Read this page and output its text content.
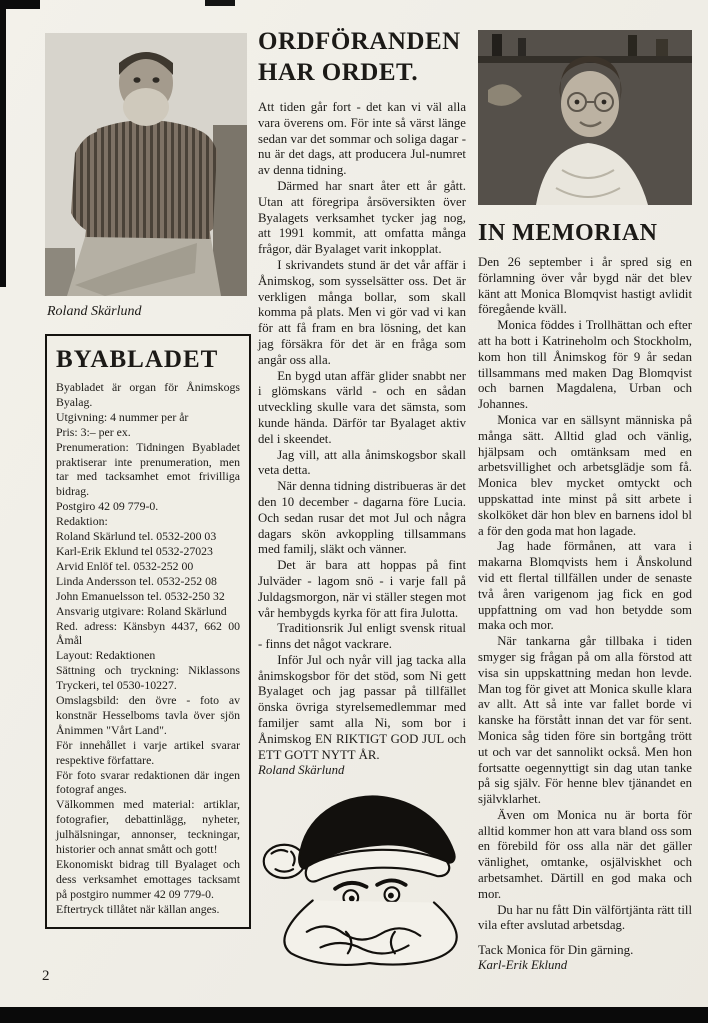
Roland Skärlund
BYABLADET

Byabladet är organ för Ånimskogs Byalag.

Utgivning: 4 nummer per år

Pris: 3:– per ex.

Prenumeration: Tidningen Byabladet praktiserar inte prenumeration, men tar med tacksamhet emot frivilliga bidrag.

Postgiro 42 09 779-0.

Redaktion:

Roland Skärlund tel. 0532-200 03

Karl-Erik Eklund tel 0532-27023

Arvid Enlöf tel. 0532-252 00

Linda Andersson tel. 0532-252 08

John Emanuelsson tel. 0532-250 32

Ansvarig utgivare: Roland Skärlund

Red. adress: Känsbyn 4437, 662 00 Åmål

Layout: Redaktionen

Sättning och tryckning: Niklassons Tryckeri, tel 0530-10227.

Omslagsbild: den övre - foto av konstnär Hesselboms tavla över sjön Ånimmen "Vårt Land".

För innehållet i varje artikel svarar respektive författare.

För foto svarar redaktionen där ingen fotograf anges.

Välkommen med material: artiklar, fotografier, debattinlägg, nyheter, julhälsningar, annonser, teckningar, historier och annat smått och gott!

Ekonomiskt bidrag till Byalaget och dess verksamhet emottages tacksamt på postgiro nummer 42 09 779-0.

Eftertryck tillåtet när källan anges.

ORDFÖRANDEN
HAR ORDET.

Att tiden går fort - det kan vi väl alla vara överens om. För inte så värst länge sedan var det sommar och soliga dagar - nu är det dags, att producera Jul-numret av denna tidning.

Därmed har snart åter ett år gått. Utan att föregripa årsöversikten över Byalagets verksamhet tycker jag nog, att 1991 kommit, att omfatta många frågor, där Byalaget varit inkopplat.

I skrivandets stund är det vår affär i Ånimskog, som sysselsätter oss. Det är verkligen många bollar, som skall komma på plats. Men vi gör vad vi kan för att få fram en bra lösning, det kan jag försäkra för det är en fråga som angår oss alla.

En bygd utan affär glider snabbt ner i glömskans värld - och en sådan utveckling skulle vara det sämsta, som kunde hända. Därför tar Byalaget aktiv del i skeendet.

Jag vill, att alla ånimskogsbor skall veta detta.

När denna tidning distribueras är det den 10 december - dagarna före Lucia. Och sedan rusar det mot Jul och några dagars skön avkoppling tillsammans med familj, släkt och vänner.

Det är bara att hoppas på fint Julväder - lagom snö - i varje fall på Juldagsmorgon, när vi ställer stegen mot vår hembygds kyrka för att fira Julotta.

Traditionsrik Jul enligt svensk ritual - finns det något vackrare.

Inför Jul och nyår vill jag tacka alla ånimskogsbor för det stöd, som Ni gett Byalaget och jag passar på tillfället önska övriga styrelsemedlemmar med familjer samt alla Ni, som bor i Ånimskog EN RIKTIGT GOD JUL och ETT GOTT NYTT ÅR.

Roland Skärlund

IN MEMORIAN

Den 26 september i år spred sig en förlamning över vår bygd när det blev känt att Monica Blomqvist hastigt avlidit föregående kväll.

Monica föddes i Trollhättan och efter att ha bott i Katrineholm och Stockholm, kom hon till Ånimskog för 9 år sedan tillsammans med maken Dag Blomqvist och barnen Magdalena, Urban och Johannes.

Monica var en sällsynt människa på många sätt. Alltid glad och vänlig, hjälpsam och omtänksam med en arbetsvillighet och arbetsglädje som få. Monica blev mycket omtyckt och uppskattad inte minst på sitt arbete i skolköket där hon blev en barnens idol bl a för den goda mat hon lagade.

Jag hade förmånen, att vara i makarna Blomqvists hem i Ånskolund vid ett flertal tillfällen under de senaste två åren varigenom jag fick en god uppfattning om vad hon betydde som maka och mor.

När tankarna går tillbaka i tiden smyger sig frågan på om alla förstod att visa sin uppskattning medan hon levde. Man tog för givet att Monica skulle klara av allt. Att så inte var fallet borde vi kanske ha förstått innan det var för sent. Monica såg tiden före sin bortgång trött ut och var det sannolikt också. Men hon fortsatte oegennyttigt sin dag utan tanke på sig själv. För henne blev tjänandet en självklarhet.

Även om Monica nu är borta för alltid kommer hon att vara bland oss som en förebild för oss alla när det gäller vänlighet, omtanke, osjälviskhet och arbetsamhet. Därtill en god maka och mor.

Du har nu fått Din välförtjänta rätt till vila efter avslutad arbetsdag.

Tack Monica för Din gärning.

Karl-Erik Eklund

2
